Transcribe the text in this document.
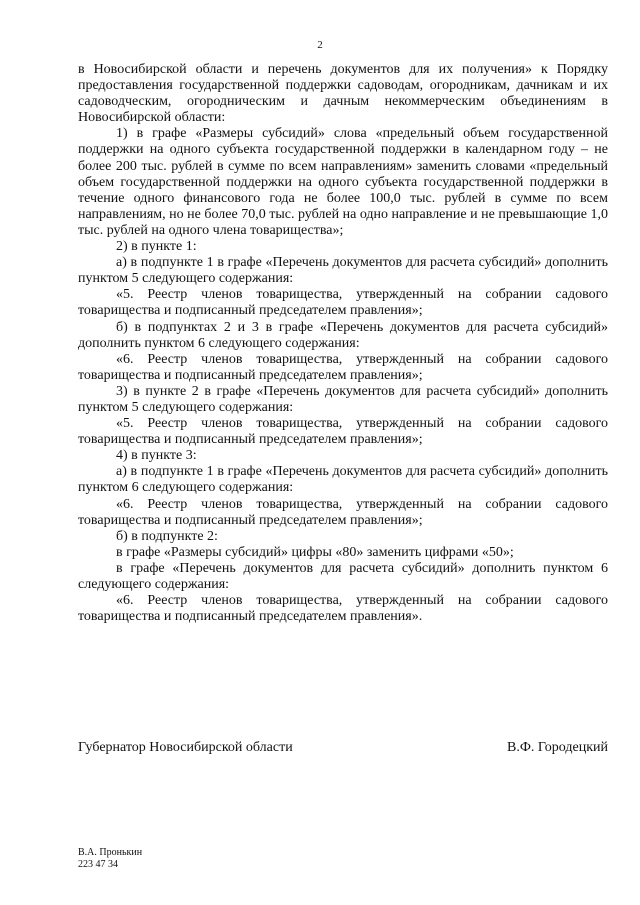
2

в Новосибирской области и перечень документов для их получения» к Порядку предоставления государственной поддержки садоводам, огородникам, дачникам и их садоводческим, огородническим и дачным некоммерческим объединениям в Новосибирской области:

1) в графе «Размеры субсидий» слова «предельный объем государственной поддержки на одного субъекта государственной поддержки в календарном году – не более 200 тыс. рублей в сумме по всем направлениям» заменить словами «предельный объем государственной поддержки на одного субъекта государственной поддержки в течение одного финансового года не более 100,0 тыс. рублей в сумме по всем направлениям, но не более 70,0 тыс. рублей на одно направление и не превышающие 1,0 тыс. рублей на одного члена товарищества»;

2) в пункте 1:

а) в подпункте 1 в графе «Перечень документов для расчета субсидий» дополнить пунктом 5 следующего содержания:

«5. Реестр членов товарищества, утвержденный на собрании садового товарищества и подписанный председателем правления»;

б) в подпунктах 2 и 3 в графе «Перечень документов для расчета субсидий» дополнить пунктом 6 следующего содержания:

«6. Реестр членов товарищества, утвержденный на собрании садового товарищества и подписанный председателем правления»;

3) в пункте 2 в графе «Перечень документов для расчета субсидий» дополнить пунктом 5 следующего содержания:

«5. Реестр членов товарищества, утвержденный на собрании садового товарищества и подписанный председателем правления»;

4) в пункте 3:

а) в подпункте 1 в графе «Перечень документов для расчета субсидий» дополнить пунктом 6 следующего содержания:

«6. Реестр членов товарищества, утвержденный на собрании садового товарищества и подписанный председателем правления»;

б) в подпункте 2:

в графе «Размеры субсидий» цифры «80» заменить цифрами «50»;

в графе «Перечень документов для расчета субсидий» дополнить пунктом 6 следующего содержания:

«6. Реестр членов товарищества, утвержденный на собрании садового товарищества и подписанный председателем правления».

Губернатор Новосибирской области	В.Ф. Городецкий
В.А. Пронькин
223 47 34
